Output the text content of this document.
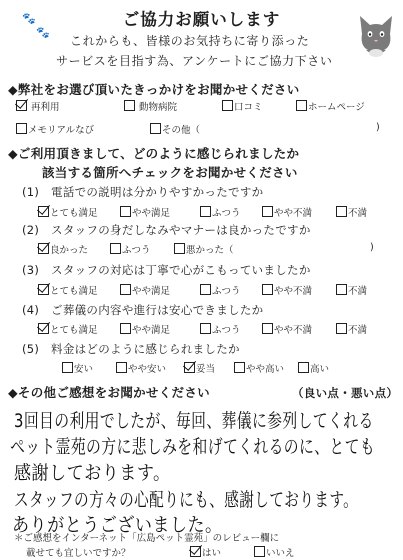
🐾
🐾
ご協力お願いします
これからも、皆様のお気持ちに寄り添った
サービスを目指す為、アンケートにご協力下さい
◆弊社をお選び頂いたきっかけをお聞かせください
再利用	動物病院	口コミ	ホームページ
メモリアルなび	その他（	)
◆ご利用頂きまして、どのように感じられましたか
該当する箇所へチェックをお聞かせください
(1)　 電話での説明は分かりやすかったですか
とても満足	やや満足	ふつう	やや不満	不満
(2)　 スタッフの身だしなみやマナーは良かったですか
良かった	ふつう	悪かった（	)
(3)　 スタッフの対応は丁寧で心がこもっていましたか
とても満足	やや満足	ふつう	やや不満	不満
(4)　 ご葬儀の内容や進行は安心できましたか
とても満足	やや満足	ふつう	やや不満	不満
(5)　 料金はどのように感じられましたか
安い	やや安い	妥当	やや高い	高い
◆その他ご感想をお聞かせください	（良い点・悪い点）
3回目の利用でしたが、毎回、葬儀に参列してくれる
ペット霊苑の方に悲しみを和げてくれるのに、とても
感謝しております。
スタッフの方々の心配りにも、感謝しております。
ありがとうございました。
＊ご感想をインターネット「広島ペット霊苑」のレビュー欄に
載せても宜しいですか？	はい	いいえ
